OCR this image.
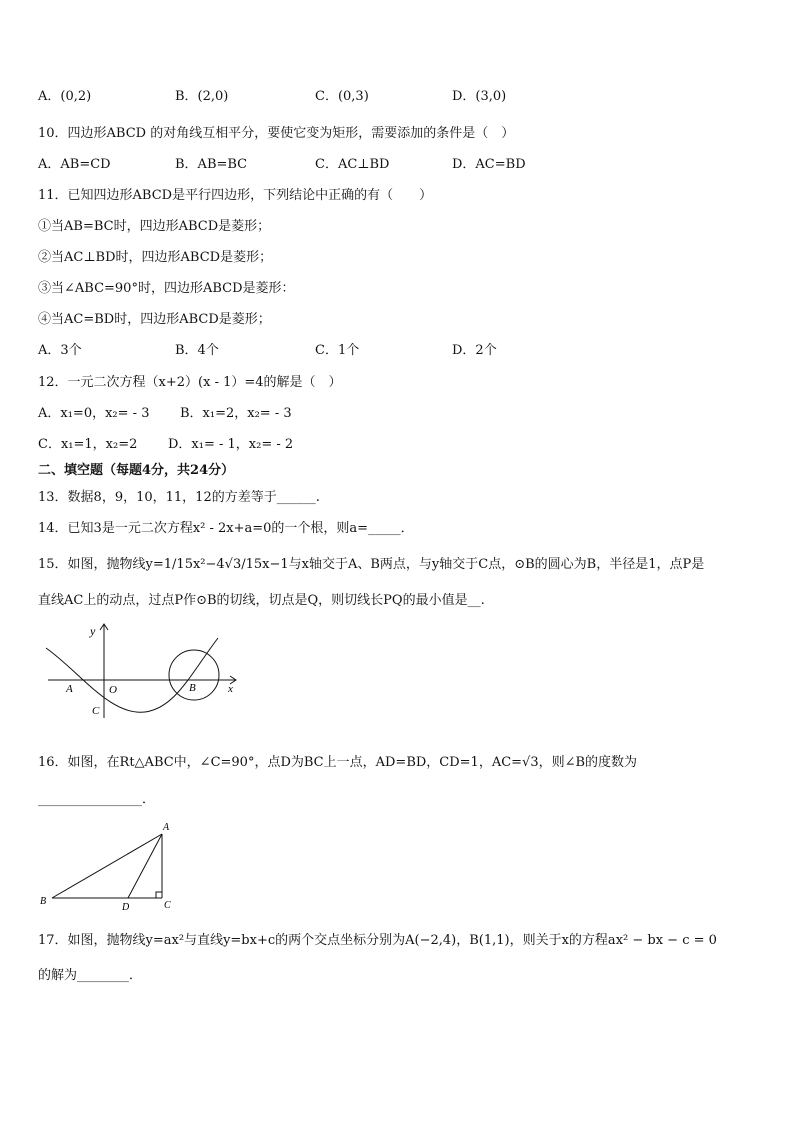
A．(0,2)	B．(2,0)	C．(0,3)	D．(3,0)
10．四边形ABCD 的对角线互相平分，要使它变为矩形，需要添加的条件是（　）
A．AB=CD	B．AB=BC	C．AC⊥BD	D．AC=BD
11．已知四边形ABCD是平行四边形，下列结论中正确的有（　　）
①当AB=BC时，四边形ABCD是菱形；
②当AC⊥BD时，四边形ABCD是菱形；
③当∠ABC=90°时，四边形ABCD是菱形：
④当AC=BD时，四边形ABCD是菱形；
A．3个	B．4个	C．1个	D．2个
12．一元二次方程（x+2）(x - 1）=4的解是（　）
A．x₁=0，x₂= - 3 B．x₁=2，x₂= - 3
C．x₁=1，x₂=2 D．x₁= - 1，x₂= - 2
二、填空题（每题4分，共24分）
13．数据8，9，10，11，12的方差等于______.
14．已知3是一元二次方程x² - 2x+a=0的一个根，则a=_____．
15．如图，抛物线y=1/15x²−4√3/15x−1与x轴交于A、B两点，与y轴交于C点，⊙B的圆心为B，半径是1，点P是
直线AC上的动点，过点P作⊙B的切线，切点是Q，则切线长PQ的最小值是__.
y
x
A	O	B
C
16．如图，在Rt△ABC中，∠C=90°，点D为BC上一点，AD=BD，CD=1，AC=√3，则∠B的度数为
________________．
A
B	C
D
17．如图，抛物线y=ax²与直线y=bx+c的两个交点坐标分别为A(−2,4)，B(1,1)，则关于x的方程ax² − bx − c = 0
的解为________．
